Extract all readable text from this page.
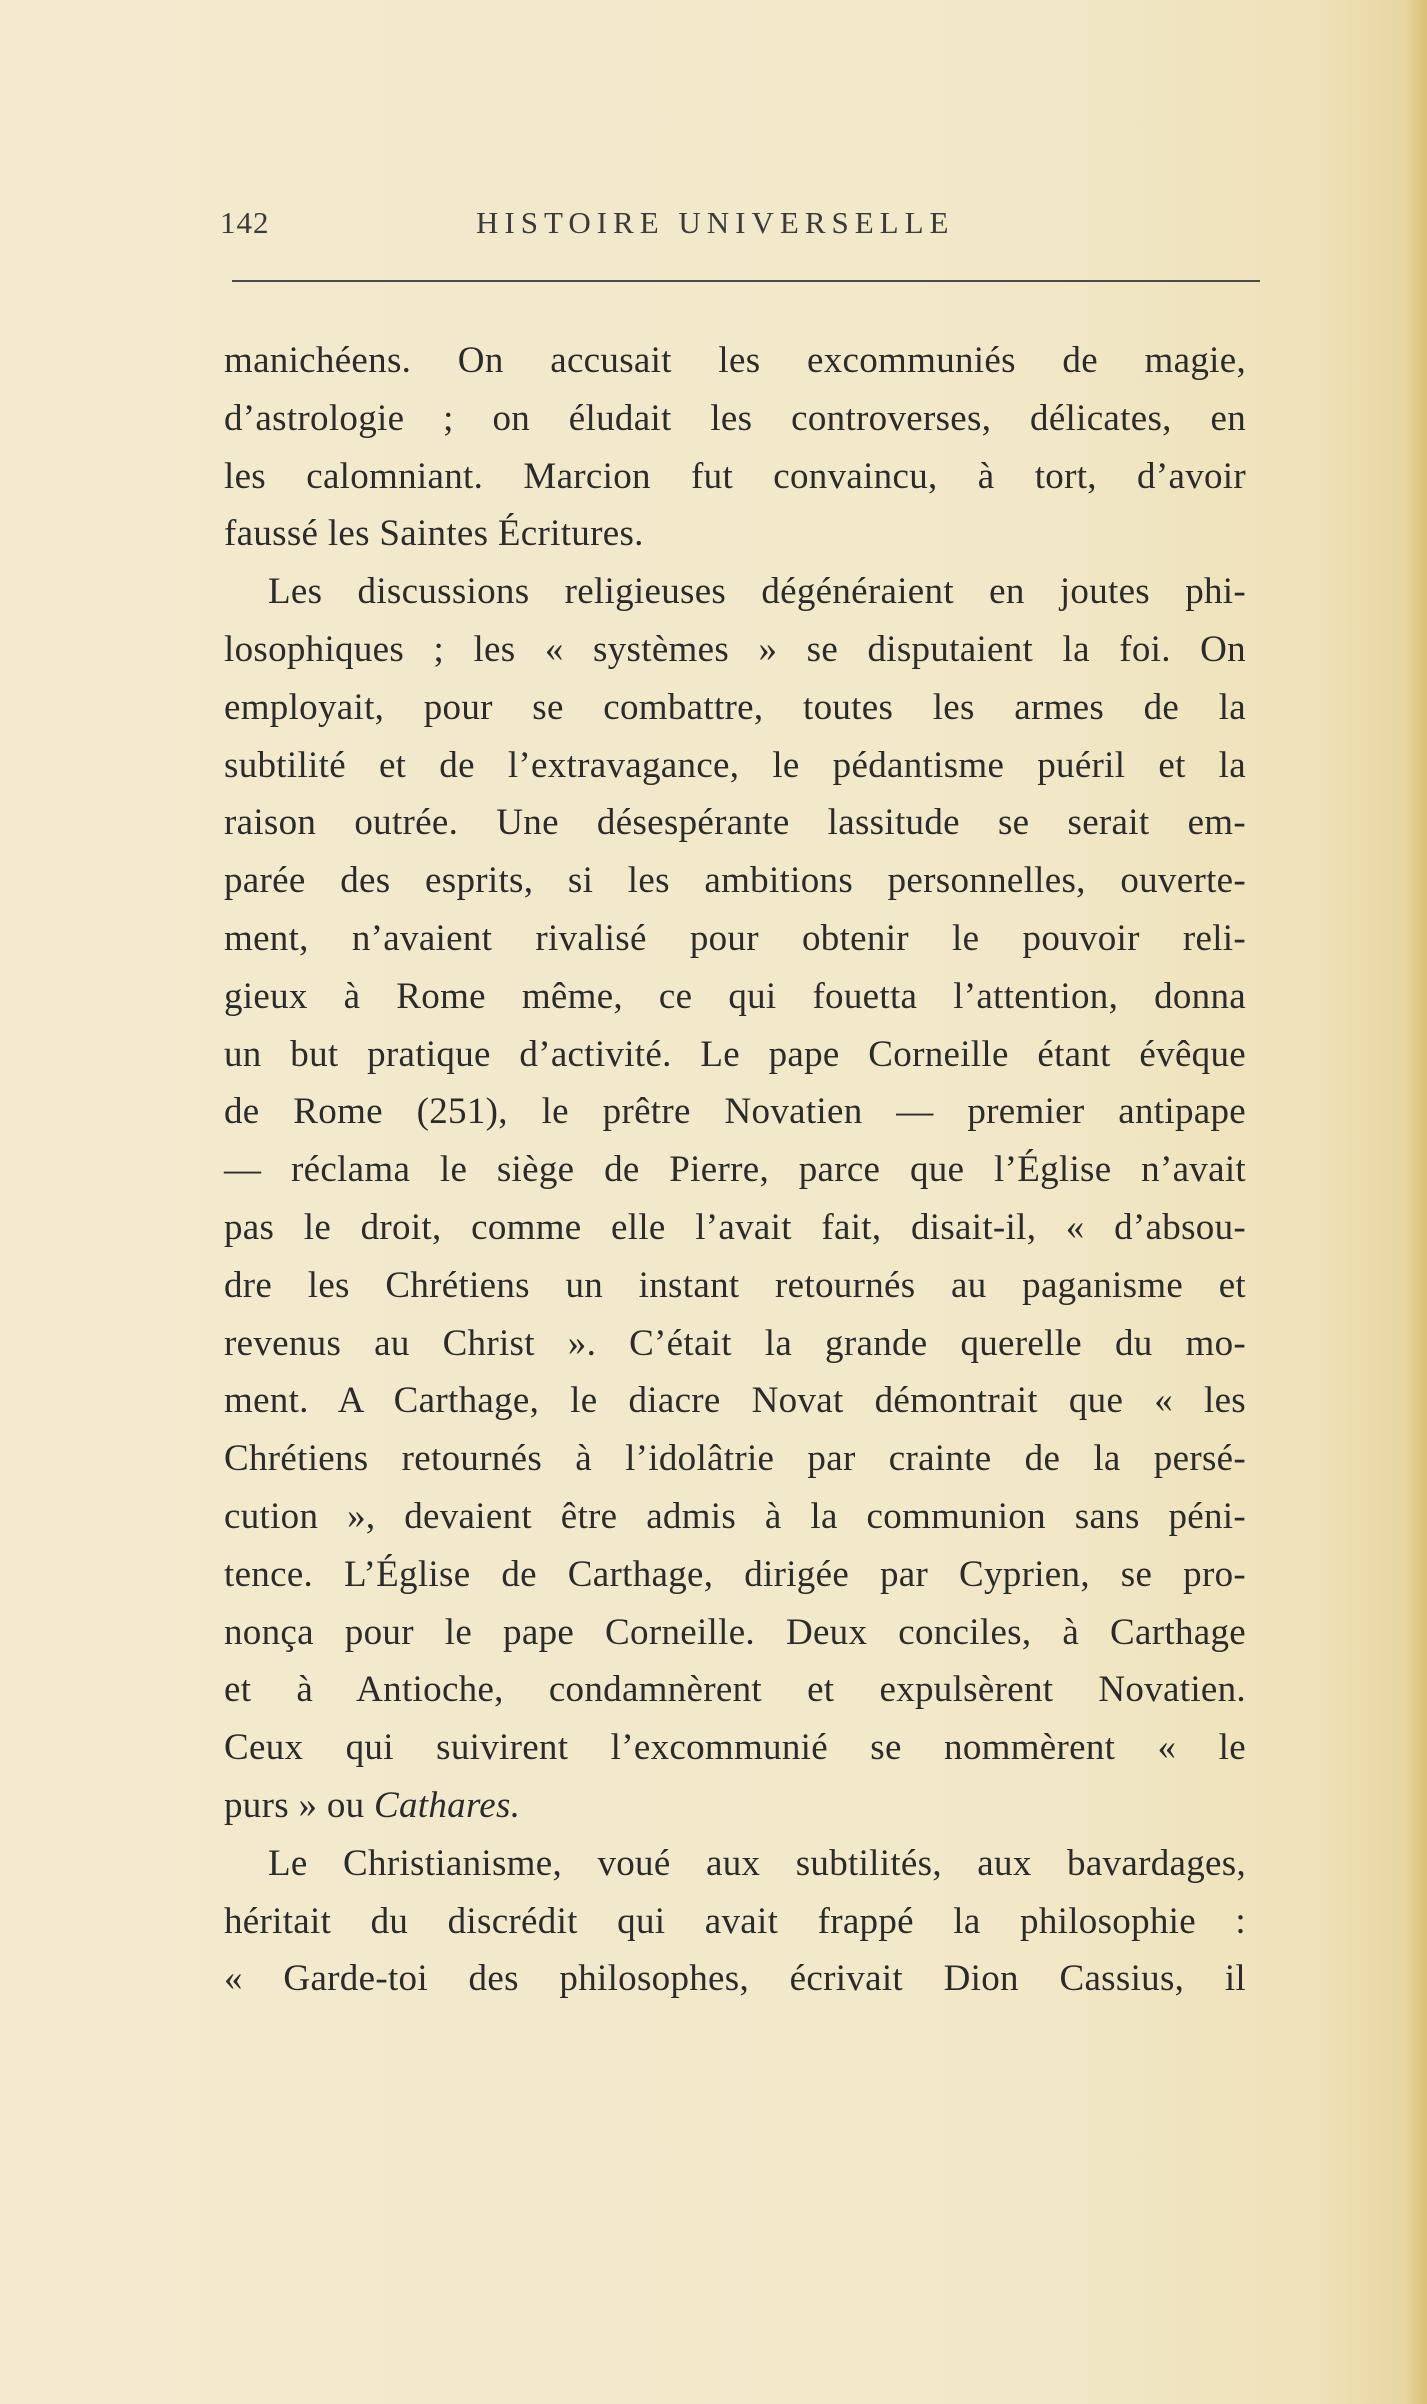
142	HISTOIRE UNIVERSELLE
manichéens. On accusait les excommuniés de magie,
d’astrologie ; on éludait les controverses, délicates, en
les calomniant. Marcion fut convaincu, à tort, d’avoir
faussé les Saintes Écritures.
Les discussions religieuses dégénéraient en joutes phi-
losophiques ; les « systèmes » se disputaient la foi. On
employait, pour se combattre, toutes les armes de la
subtilité et de l’extravagance, le pédantisme puéril et la
raison outrée. Une désespérante lassitude se serait em-
parée des esprits, si les ambitions personnelles, ouverte-
ment, n’avaient rivalisé pour obtenir le pouvoir reli-
gieux à Rome même, ce qui fouetta l’attention, donna
un but pratique d’activité. Le pape Corneille étant évêque
de Rome (251), le prêtre Novatien — premier antipape
— réclama le siège de Pierre, parce que l’Église n’avait
pas le droit, comme elle l’avait fait, disait-il, « d’absou-
dre les Chrétiens un instant retournés au paganisme et
revenus au Christ ». C’était la grande querelle du mo-
ment. A Carthage, le diacre Novat démontrait que « les
Chrétiens retournés à l’idolâtrie par crainte de la persé-
cution », devaient être admis à la communion sans péni-
tence. L’Église de Carthage, dirigée par Cyprien, se pro-
nonça pour le pape Corneille. Deux conciles, à Carthage
et à Antioche, condamnèrent et expulsèrent Novatien.
Ceux qui suivirent l’excommunié se nommèrent « le
purs » ou Cathares.
Le Christianisme, voué aux subtilités, aux bavardages,
héritait du discrédit qui avait frappé la philosophie :
« Garde-toi des philosophes, écrivait Dion Cassius, il
